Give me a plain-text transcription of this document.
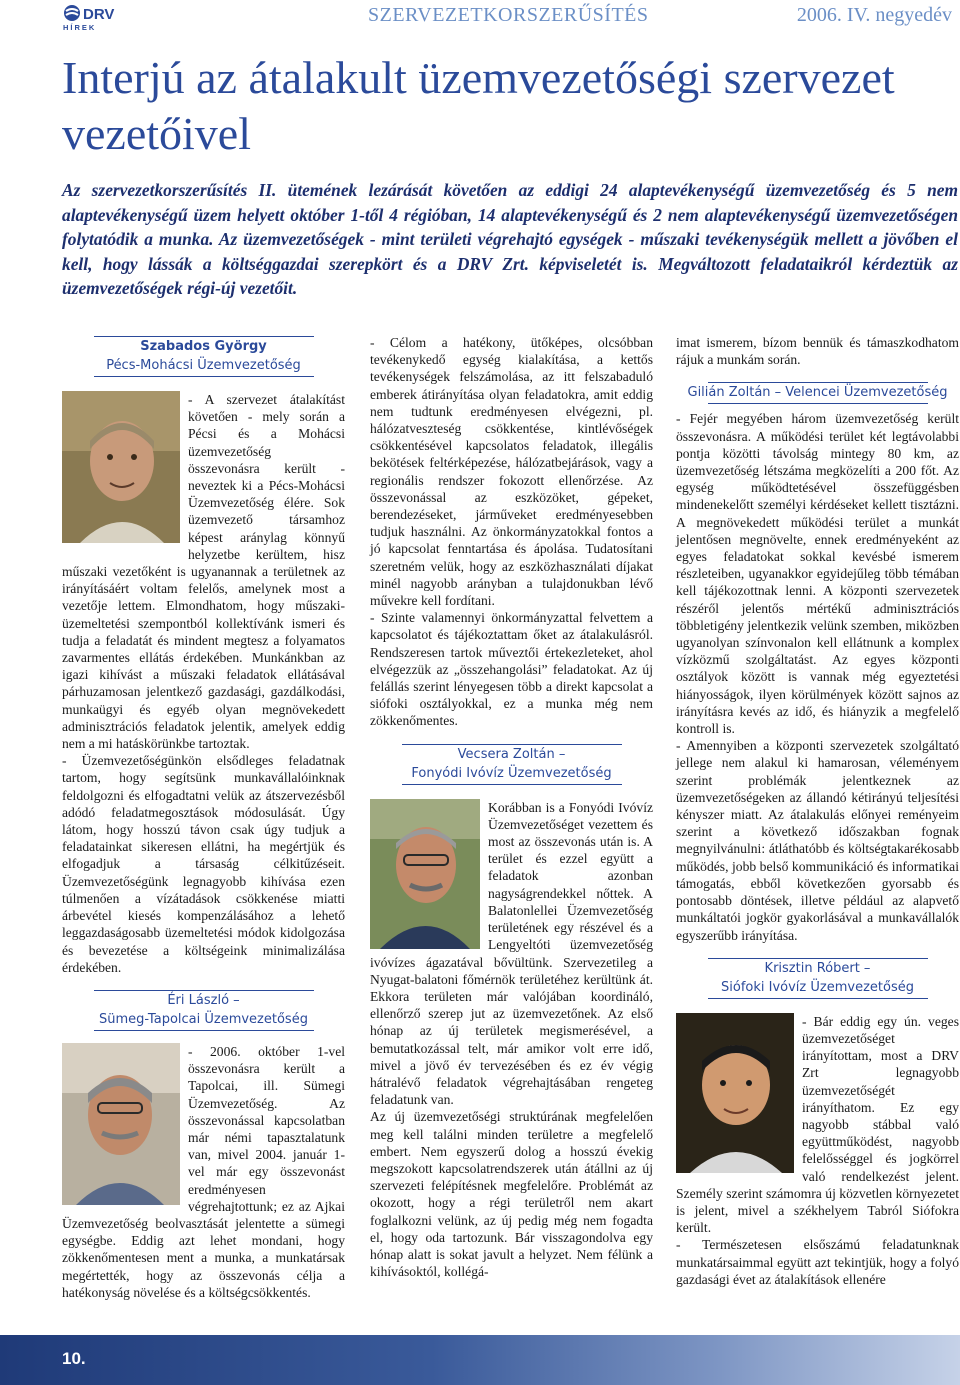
DRV
HÍREK
SZERVEZETKORSZERŰSÍTÉS	2006. IV. negyedév
Interjú az átalakult üzemvezetőségi szervezet vezetőivel
Az szervezetkorszerűsítés II. ütemének lezárását követően az eddigi 24 alaptevékenységű üzemvezetőség és 5 nem alaptevékenységű üzem helyett október 1-től 4 régióban, 14 alaptevékenységű és 2 nem alaptevékenységű üzemvezetőségen folytatódik a munka. Az üzemvezetőségek - mint területi végrehajtó egységek - műszaki tevékenységük mellett a jövőben el kell, hogy lássák a költséggazdai szerepkört és a DRV Zrt. képviseletét is. Megváltozott feladataikról kérdeztük az üzemvezetőségek régi-új vezetőit.
Szabados György
Pécs-Mohácsi Üzemvezetőség

- A szervezet átalakítást követően - mely során a Pécsi és a Mohácsi üzemvezetőség összevonásra került - neveztek ki a Pécs-Mohácsi Üzemvezetőség élére. Sok üzemvezető társamhoz képest aránylag könnyű helyzetbe kerültem, hisz műszaki vezetőként is ugyanannak a területnek az irányításáért voltam felelős, amelynek most a vezetője lettem. Elmondhatom, hogy műszaki-üzemeltetési szempontból kollektívánk ismeri és tudja a feladatát és mindent megtesz a folyamatos zavarmentes ellátás érdekében. Munkánkban az igazi kihívást a műszaki feladatok ellátásával párhuzamosan jelentkező gazdasági, gazdálkodási, munkaügyi és egyéb olyan megnövekedett adminisztrációs feladatok jelentik, amelyek eddig nem a mi hatáskörünkbe tartoztak.

- Üzemvezetőségünkön elsődleges feladatnak tartom, hogy segítsünk munkavállalóinknak feldolgozni és elfogadtatni velük az átszervezésből adódó feladatmegosztások módosulását. Úgy látom, hogy hosszú távon csak úgy tudjuk a feladatainkat sikeresen ellátni, ha megértjük és elfogadjuk a társaság célkitűzéseit. Üzemvezetőségünk legnagyobb kihívása ezen túlmenően a vízátadások csökkenése miatti árbevétel kiesés kompenzálásához a lehető leggazdaságosabb üzemeltetési módok kidolgozása és bevezetése a költségeink minimalizálása érdekében.

Éri László –
Sümeg-Tapolcai Üzemvezetőség

- 2006. október 1-vel összevonásra került a Tapolcai, ill. Sümegi Üzemvezetőség. Az összevonással kapcsolatban már némi tapasztalatunk van, mivel 2004. január 1-vel már egy összevonást eredményesen végrehajtottunk; ez az Ajkai Üzemvezetőség beolvasztását jelentette a sümegi egységbe. Eddig azt lehet mondani, hogy zökkenőmentesen ment a munka, a munkatársak megértették, hogy az összevonás célja a hatékonyság növelése és a költségcsökkentés.

- Célom a hatékony, ütőképes, olcsóbban tevékenykedő egység kialakítása, a kettős tevékenységek felszámolása, az itt felszabaduló emberek átirányítása olyan feladatokra, amit eddig nem tudtunk eredményesen elvégezni, pl. hálózatveszteség csökkentése, kintlévőségek csökkentésével kapcsolatos feladatok, illegális bekötések feltérképezése, hálózatbejárások, vagy a regionális rendszer fokozott ellenőrzése. Az összevonással az eszközöket, gépeket, berendezéseket, járműveket eredményesebben tudjuk használni. Az önkormányzatokkal fontos a jó kapcsolat fenntartása és ápolása. Tudatosítani szeretném velük, hogy az eszközhasználati díjakat minél nagyobb arányban a tulajdonukban lévő művekre kell fordítani.

- Szinte valamennyi önkormányzattal felvettem a kapcsolatot és tájékoztattam őket az átalakulásról. Rendszeresen tartok műveztői értekezleteket, ahol elvégezzük az „összehangolási” feladatokat. Az új felállás szerint lényegesen több a direkt kapcsolat a siófoki osztályokkal, ez a munka még nem zökkenőmentes.

Vecsera Zoltán –
Fonyódi Ivóvíz Üzemvezetőség

Korábban is a Fonyódi Ivóvíz Üzemvezetőséget vezettem és most az összevonás után is. A terület és ezzel együtt a feladatok azonban nagyságrendekkel nőttek. A Balatonlellei Üzemvezetőség területének egy részével és a Lengyeltóti üzemvezetőség ivóvízes ágazatával bővültünk. Szervezetileg a Nyugat-balatoni főmérnök területéhez kerültünk át. Ekkora területen már valójában koordináló, ellenőrző szerep jut az üzemvezetőnek. Az első hónap az új területek megismerésével, a bemutatkozással telt, már amikor volt erre idő, mivel a jövő év tervezésében és ez év végig hátralévő feladatok végrehajtásában rengeteg feladatunk van.

Az új üzemvezetőségi struktúrának megfelelően meg kell találni minden területre a megfelelő embert. Nem egyszerű dolog a hosszú évekig megszokott kapcsolatrendszerek után átállni az új szervezeti felépítésnek megfelelőre. Problémát az okozott, hogy a régi területről nem akart foglalkozni velünk, az új pedig még nem fogadta el, hogy oda tartozunk. Bár visszagondolva egy hónap alatt is sokat javult a helyzet. Nem félünk a kihívásoktól, kollégá-

imat ismerem, bízom bennük és támaszkodhatom rájuk a munkám során.

Gilián Zoltán – Velencei Üzemvezetőség

- Fejér megyében három üzemvezetőség került összevonásra. A működési terület két legtávolabbi pontja közötti távolság mintegy 80 km, az üzemvezetőség létszáma megközelíti a 200 főt. Az egység működtetésével összefüggésben mindenekelőtt személyi kérdéseket kellett tisztázni. A megnövekedett működési terület a munkát jelentősen megnövelte, ennek eredményeként az egyes feladatokat sokkal kevésbé ismerem részleteiben, ugyanakkor egyidejűleg több témában kell tájékozottnak lenni. A központi szervezetek részéről jelentős mértékű adminisztrációs többletigény jelentkezik velünk szemben, miközben ugyanolyan színvonalon kell ellátnunk a komplex vízközmű szolgáltatást. Az egyes központi osztályok között is vannak még egyeztetési hiányosságok, ilyen körülmények között sajnos az irányításra kevés az idő, és hiányzik a megfelelő kontroll is.

- Amennyiben a központi szervezetek szolgáltató jellege nem alakul ki hamarosan, véleményem szerint problémák jelentkeznek az üzemvezetőségeken az állandó kétirányú teljesítési kényszer miatt. Az átalakulás előnyei reményeim szerint a következő időszakban fognak megnyilvánulni: átláthatóbb és költségtakarékosabb működés, jobb belső kommunikáció és informatikai támogatás, ebből következően gyorsabb és pontosabb döntések, illetve például az alapvető munkáltatói jogkör gyakorlásával a munkavállalók egyszerűbb irányítása.

Krisztin Róbert –
Siófoki Ivóvíz Üzemvezetőség

- Bár eddig egy ún. veges üzemvezetőséget irányítottam, most a DRV Zrt legnagyobb üzemvezetőségét irányíthatom. Ez egy nagyobb stábbal való együttműködést, nagyobb felelősséggel és jogkörrel való rendelkezést jelent. Személy szerint számomra új közvetlen környezetet is jelent, mivel a székhelyem Tabról Siófokra került.

- Természetesen elsőszámú feladatunknak munkatársaimmal együtt azt tekintjük, hogy a folyó gazdasági évet az átalakítások ellenére

10.
